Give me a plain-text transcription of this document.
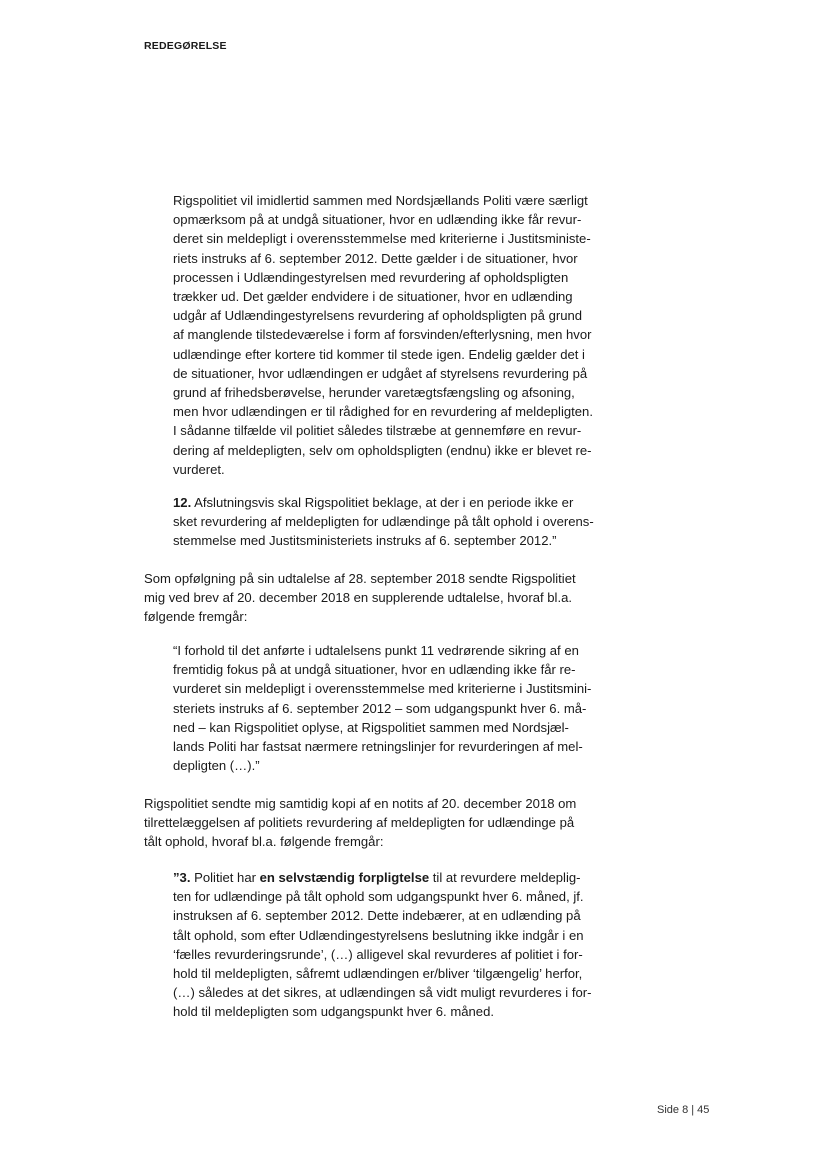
REDEGØRELSE
Rigspolitiet vil imidlertid sammen med Nordsjællands Politi være særligt
opmærksom på at undgå situationer, hvor en udlænding ikke får revur-
deret sin meldepligt i overensstemmelse med kriterierne i Justitsministe-
riets instruks af 6. september 2012. Dette gælder i de situationer, hvor
processen i Udlændingestyrelsen med revurdering af opholdspligten
trækker ud. Det gælder endvidere i de situationer, hvor en udlænding
udgår af Udlændingestyrelsens revurdering af opholdspligten på grund
af manglende tilstedeværelse i form af forsvinden/efterlysning, men hvor
udlændinge efter kortere tid kommer til stede igen. Endelig gælder det i
de situationer, hvor udlændingen er udgået af styrelsens revurdering på
grund af frihedsberøvelse, herunder varetægtsfængsling og afsoning,
men hvor udlændingen er til rådighed for en revurdering af meldepligten.
I sådanne tilfælde vil politiet således tilstræbe at gennemføre en revur-
dering af meldepligten, selv om opholdspligten (endnu) ikke er blevet re-
vurderet.
12. Afslutningsvis skal Rigspolitiet beklage, at der i en periode ikke er
sket revurdering af meldepligten for udlændinge på tålt ophold i overens-
stemmelse med Justitsministeriets instruks af 6. september 2012.”
Som opfølgning på sin udtalelse af 28. september 2018 sendte Rigspolitiet
mig ved brev af 20. december 2018 en supplerende udtalelse, hvoraf bl.a.
følgende fremgår:
“I forhold til det anførte i udtalelsens punkt 11 vedrørende sikring af en
fremtidig fokus på at undgå situationer, hvor en udlænding ikke får re-
vurderet sin meldepligt i overensstemmelse med kriterierne i Justitsmini-
steriets instruks af 6. september 2012 – som udgangspunkt hver 6. må-
ned – kan Rigspolitiet oplyse, at Rigspolitiet sammen med Nordsjæl-
lands Politi har fastsat nærmere retningslinjer for revurderingen af mel-
depligten (…).”
Rigspolitiet sendte mig samtidig kopi af en notits af 20. december 2018 om
tilrettelæggelsen af politiets revurdering af meldepligten for udlændinge på
tålt ophold, hvoraf bl.a. følgende fremgår:
”3. Politiet har en selvstændig forpligtelse til at revurdere meldeplig-
ten for udlændinge på tålt ophold som udgangspunkt hver 6. måned, jf.
instruksen af 6. september 2012. Dette indebærer, at en udlænding på
tålt ophold, som efter Udlændingestyrelsens beslutning ikke indgår i en
‘fælles revurderingsrunde’, (…) alligevel skal revurderes af politiet i for-
hold til meldepligten, såfremt udlændingen er/bliver ‘tilgængelig’ herfor,
(…) således at det sikres, at udlændingen så vidt muligt revurderes i for-
hold til meldepligten som udgangspunkt hver 6. måned.
Side 8 | 45
